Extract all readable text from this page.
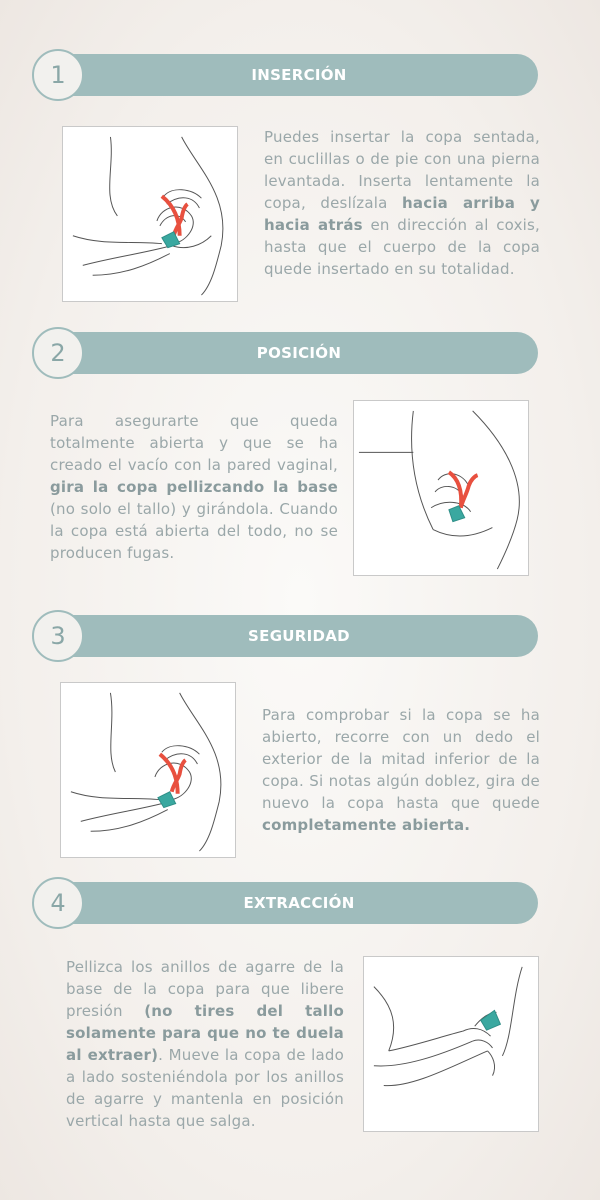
INSERCIÓN
1

Puedes insertar la copa sentada, en cuclillas o de pie con una pierna levantada. Inserta lentamente la copa, deslízala hacia arriba y hacia atrás en dirección al coxis, hasta que el cuerpo de la copa quede insertado en su totalidad.

POSICIÓN
2

Para asegurarte que queda totalmente abierta y que se ha creado el vacío con la pared vaginal, gira la copa pellizcando la base (no solo el tallo) y girándola. Cuando la copa está abierta del todo, no se producen fugas.

SEGURIDAD
3

Para comprobar si la copa se ha abierto, recorre con un dedo el exterior de la mitad inferior de la copa. Si notas algún doblez, gira de nuevo la copa hasta que quede completamente abierta.

EXTRACCIÓN
4

Pellizca los anillos de agarre de la base de la copa para que libere presión (no tires del tallo solamente para que no te duela al extraer). Mueve la copa de lado a lado sosteniéndola por los anillos de agarre y mantenla en posición vertical hasta que salga.
